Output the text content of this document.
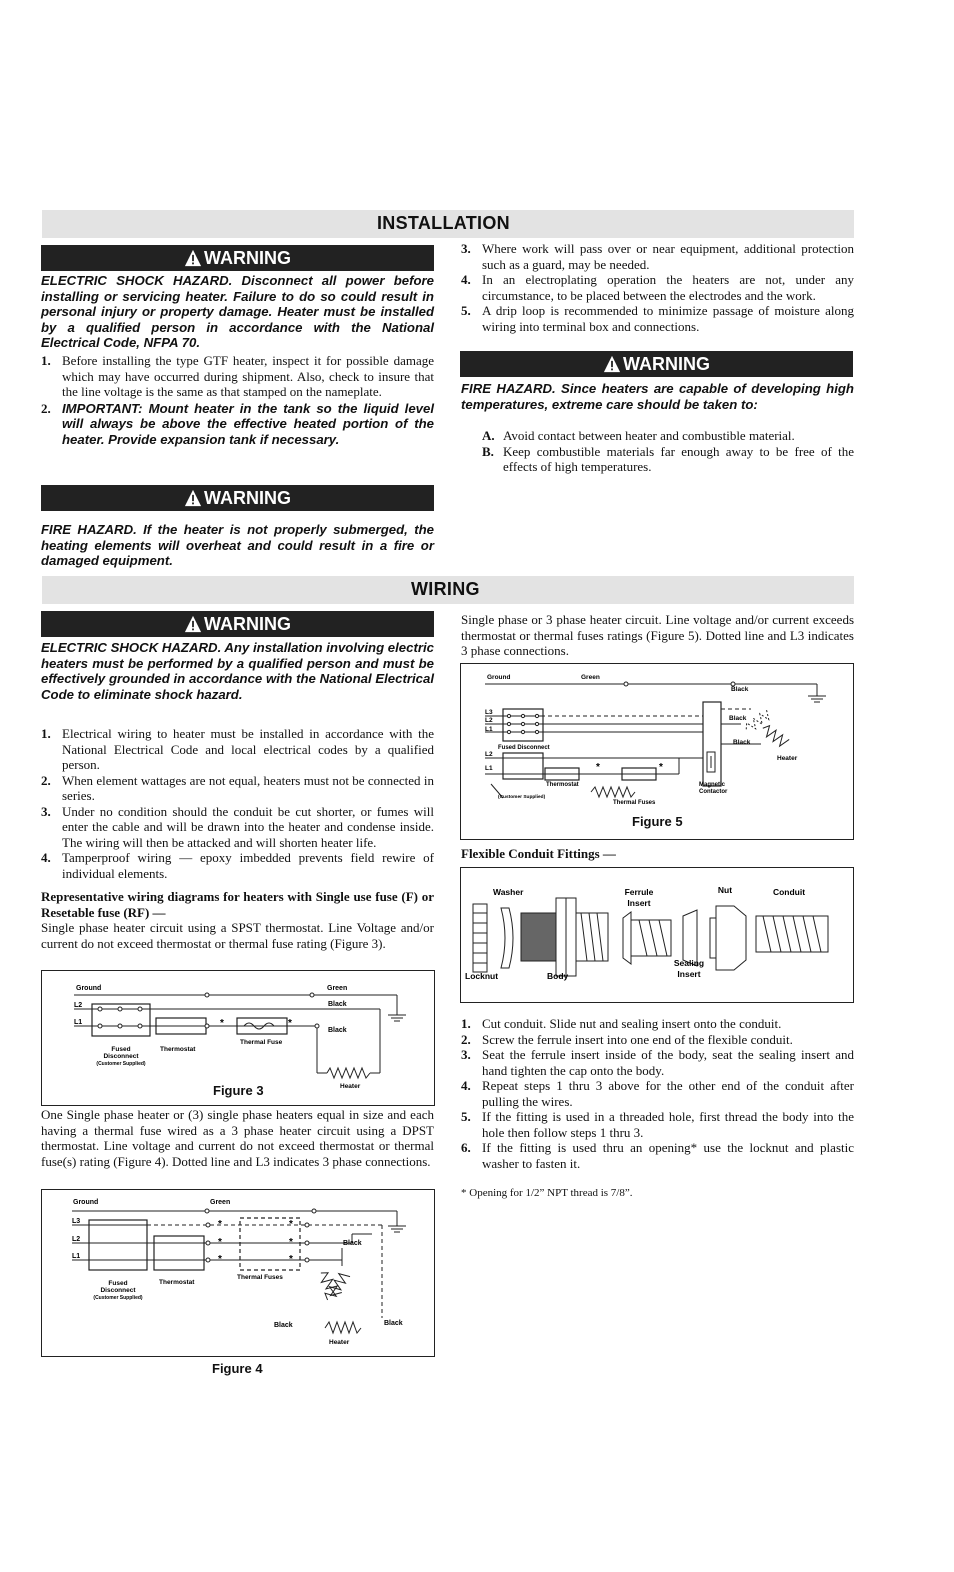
INSTALLATION
WARNING
ELECTRIC SHOCK HAZARD. Disconnect all power before installing or servicing heater. Failure to do so could result in personal injury or property damage. Heater must be installed by a qualified person in accordance with the National Electrical Code, NFPA 70.
1. Before installing the type GTF heater, inspect it for possible damage which may have occurred during shipment. Also, check to insure that the line voltage is the same as that stamped on the nameplate.
2. IMPORTANT: Mount heater in the tank so the liquid level will always be above the effective heated portion of the heater. Provide expansion tank if necessary.
WARNING
FIRE HAZARD. If the heater is not properly submerged, the heating elements will overheat and could result in a fire or damaged equipment.
3. Where work will pass over or near equipment, additional protection such as a guard, may be needed.
4. In an electroplating operation the heaters are not, under any circumstance, to be placed between the electrodes and the work.
5. A drip loop is recommended to minimize passage of moisture along wiring into terminal box and connections.
WARNING
FIRE HAZARD. Since heaters are capable of developing high temperatures, extreme care should be taken to:
A. Avoid contact between heater and combustible material.
B. Keep combustible materials far enough away to be free of the effects of high temperatures.
WIRING
WARNING
ELECTRIC SHOCK HAZARD. Any installation involving electric heaters must be performed by a qualified person and must be effectively grounded in accordance with the National Electrical Code to eliminate shock hazard.
1. Electrical wiring to heater must be installed in accordance with the National Electrical Code and local electrical codes by a qualified person.
2. When element wattages are not equal, heaters must not be connected in series.
3. Under no condition should the conduit be cut shorter, or fumes will enter the cable and will be drawn into the heater and condense inside. The wiring will then be attacked and will shorten heater life.
4. Tamperproof wiring — epoxy imbedded prevents field rewire of individual elements.
Representative wiring diagrams for heaters with Single use fuse (F) or Resetable fuse (RF) —
Single phase heater circuit using a SPST thermostat. Line Voltage and/or current do not exceed thermostat or thermal fuse rating (Figure 3).
Ground	Green
Black
Black
L2
L1
Fused
Disconnect
(Customer Supplied)
Thermostat
Thermal Fuse
Heater
*	*
Figure 3
One Single phase heater or (3) single phase heaters equal in size and each having a thermal fuse wired as a 3 phase heater circuit using a DPST thermostat. Line voltage and current do not exceed thermostat or thermal fuse(s) rating (Figure 4). Dotted line and L3 indicates 3 phase connections.
Ground	Green
L3
L2
L1
Black
Black	Black
Fused
Disconnect
(Customer Supplied)
Thermostat
Thermal Fuses
Heater
*
*
*
*
*
*
Figure 4
Single phase or 3 phase heater circuit. Line voltage and/or current exceeds thermostat or thermal fuses ratings (Figure 5). Dotted line and L3 indicates 3 phase connections.
Ground	Green
L3
L2
L1
L2
L1
Black
Black
Black
Fused Disconnect
(Customer Supplied)
Thermostat
Thermal Fuses
Magnetic
Contactor
Heater
*	*
Figure 5
Flexible Conduit Fittings —
Washer	Ferrule
Insert
Nut	Conduit
Locknut	Body
Sealing
Insert
1. Cut conduit. Slide nut and sealing insert onto the conduit.
2. Screw the ferrule insert into one end of the flexible conduit.
3. Seat the ferrule insert inside of the body, seat the sealing insert and hand tighten the cap onto the body.
4. Repeat steps 1 thru 3 above for the other end of the conduit after pulling the wires.
5. If the fitting is used in a threaded hole, first thread the body into the hole then follow steps 1 thru 3.
6. If the fitting is used thru an opening* use the locknut and plastic washer to fasten it.
* Opening for 1/2” NPT thread is 7/8”.
